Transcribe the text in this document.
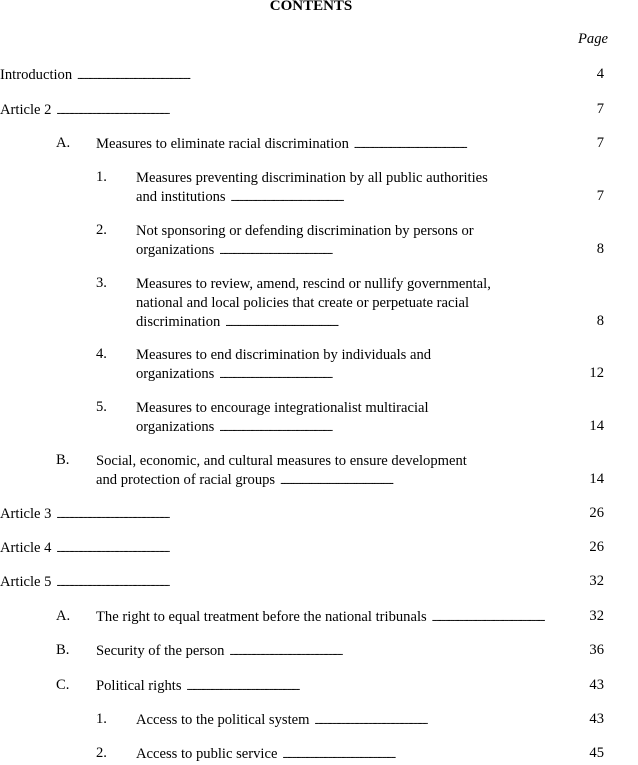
CONTENTS
Page
Introduction . . .	4
Article 2 . . .	7
A. Measures to eliminate racial discrimination . . .	7
1. Measures preventing discrimination by all public authorities
and institutions . . .	7
2. Not sponsoring or defending discrimination by persons or
organizations . . .	8
3. Measures to review, amend, rescind or nullify governmental,
national and local policies that create or perpetuate racial
discrimination . . .	8
4. Measures to end discrimination by individuals and
organizations . . .	12
5. Measures to encourage integrationalist multiracial
organizations . . .	14
B. Social, economic, and cultural measures to ensure development
and protection of racial groups . . .	14
Article 3 . . .	26
Article 4 . . .	26
Article 5 . . .	32
A. The right to equal treatment before the national tribunals . . .	32
B. Security of the person . . .	36
C. Political rights . . .	43
1. Access to the political system . . .	43
2. Access to public service . . .	45
